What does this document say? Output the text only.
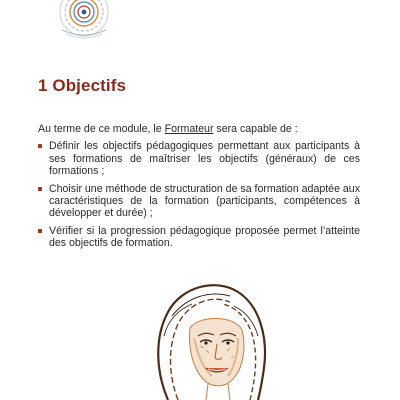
1 Objectifs

Au terme de ce module, le Formateur sera capable de :

Définir les objectifs pédagogiques permettant aux participants à ses formations de maîtriser les objectifs (généraux) de ces formations ;
Choisir une méthode de structuration de sa formation adaptée aux caractéristiques de la formation (participants, compétences à développer et durée) ;
Vérifier si la progression pédagogique proposée permet l’atteinte des objectifs de formation.
